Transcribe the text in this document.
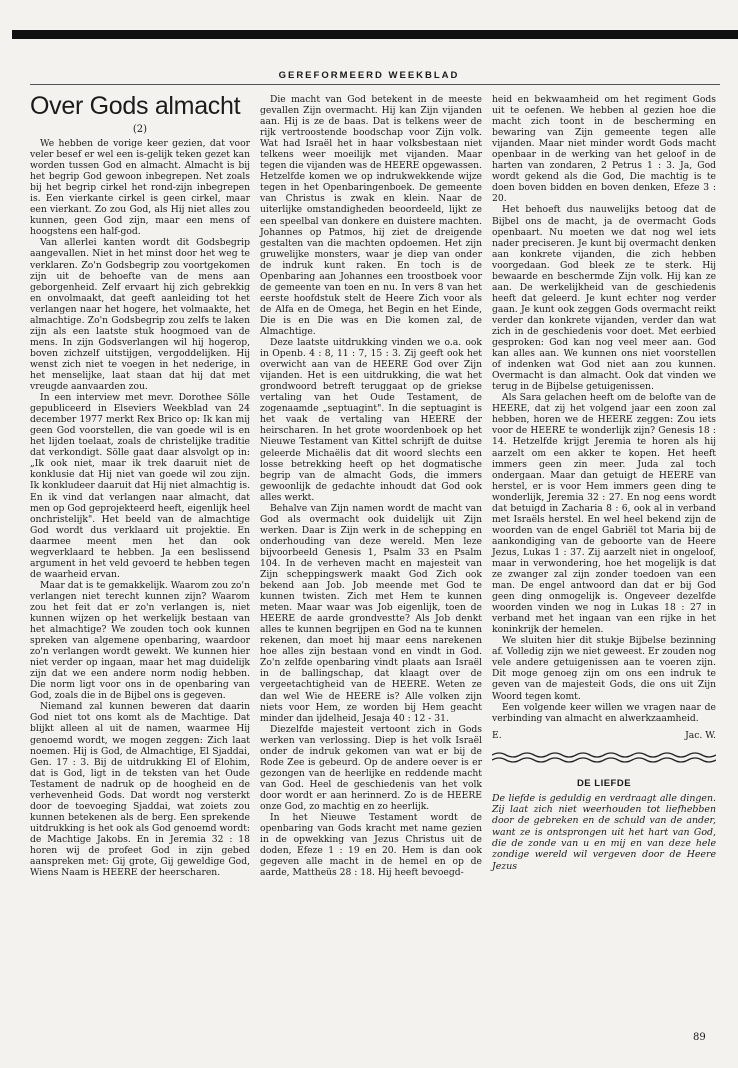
GEREFORMEERD WEEKBLAD
Over Gods almacht
(2)

We hebben de vorige keer gezien, dat voor veler besef er wel een is-gelijk teken gezet kan worden tussen God en almacht. Almacht is bij het begrip God gewoon inbegrepen. Net zoals bij het begrip cirkel het rond-zijn inbegrepen is. Een vierkante cirkel is geen cirkel, maar een vierkant. Zo zou God, als Hij niet alles zou kunnen, geen God zijn, maar een mens of hoogstens een half-god.

Van allerlei kanten wordt dit Godsbegrip aangevallen. Niet in het minst door het weg te verklaren. Zo'n Godsbegrip zou voortgekomen zijn uit de behoefte van de mens aan geborgenheid. Zelf ervaart hij zich gebrekkig en onvolmaakt, dat geeft aanleiding tot het verlangen naar het hogere, het volmaakte, het almachtige. Zo'n Godsbegrip zou zelfs te laken zijn als een laatste stuk hoogmoed van de mens. In zijn Godsverlangen wil hij hogerop, boven zichzelf uitstijgen, vergoddelijken. Hij wenst zich niet te voegen in het nederige, in het menselijke, laat staan dat hij dat met vreugde aanvaarden zou.

In een interview met mevr. Dorothee Sölle gepubliceerd in Elseviers Weekblad van 24 december 1977 merkt Rex Brico op: Ik kan mij geen God voorstellen, die van goede wil is en het lijden toelaat, zoals de christelijke traditie dat verkondigt. Sölle gaat daar alsvolgt op in: „Ik ook niet, maar ik trek daaruit niet de konklusie dat Hij niet van goede wil zou zijn. Ik konkludeer daaruit dat Hij niet almachtig is. En ik vind dat verlangen naar almacht, dat men op God geprojekteerd heeft, eigenlijk heel onchristelijk". Het beeld van de almachtige God wordt dus verklaard uit projektie. En daarmee meent men het dan ook wegverklaard te hebben. Ja een beslissend argument in het veld gevoerd te hebben tegen de waarheid ervan.

Maar dat is te gemakkelijk. Waarom zou zo'n verlangen niet terecht kunnen zijn? Waarom zou het feit dat er zo'n verlangen is, niet kunnen wijzen op het werkelijk bestaan van het almachtige? We zouden toch ook kunnen spreken van algemene openbaring, waardoor zo'n verlangen wordt gewekt. We kunnen hier niet verder op ingaan, maar het mag duidelijk zijn dat we een andere norm nodig hebben. Die norm ligt voor ons in de openbaring van God, zoals die in de Bijbel ons is gegeven.

Niemand zal kunnen beweren dat daarin God niet tot ons komt als de Machtige. Dat blijkt alleen al uit de namen, waarmee Hij genoemd wordt, we mogen zeggen: Zich laat noemen. Hij is God, de Almachtige, El Sjaddai, Gen. 17 : 3. Bij de uitdrukking El of Elohim, dat is God, ligt in de teksten van het Oude Testament de nadruk op de hoogheid en de verhevenheid Gods. Dat wordt nog versterkt door de toevoeging Sjaddai, wat zoiets zou kunnen betekenen als de berg. Een sprekende uitdrukking is het ook als God genoemd wordt: de Machtige Jakobs. En in Jeremia 32 : 18 horen wij de profeet God in zijn gebed aanspreken met: Gij grote, Gij geweldige God, Wiens Naam is HEERE der heerscharen.

Die macht van God betekent in de meeste gevallen Zijn overmacht. Hij kan Zijn vijanden aan. Hij is ze de baas. Dat is telkens weer de rijk vertroostende boodschap voor Zijn volk. Wat had Israël het in haar volksbestaan niet telkens weer moeilijk met vijanden. Maar tegen die vijanden was de HEERE opgewassen. Hetzelfde komen we op indrukwekkende wijze tegen in het Openbaringenboek. De gemeente van Christus is zwak en klein. Naar de uiterlijke omstandigheden beoordeeld, lijkt ze een speelbal van donkere en duistere machten. Johannes op Patmos, hij ziet de dreigende gestalten van die machten opdoemen. Het zijn gruwelijke monsters, waar je diep van onder de indruk kunt raken. En toch is de Openbaring aan Johannes een troostboek voor de gemeente van toen en nu. In vers 8 van het eerste hoofdstuk stelt de Heere Zich voor als de Alfa en de Omega, het Begin en het Einde, Die is en Die was en Die komen zal, de Almachtige.

Deze laatste uitdrukking vinden we o.a. ook in Openb. 4 : 8, 11 : 7, 15 : 3. Zij geeft ook het overwicht aan van de HEERE God over Zijn vijanden. Het is een uitdrukking, die wat het grondwoord betreft teruggaat op de griekse vertaling van het Oude Testament, de zogenaamde „septuagint". In die septuagint is het vaak de vertaling van HEERE der heirscharen. In het grote woordenboek op het Nieuwe Testament van Kittel schrijft de duitse geleerde Michaëlis dat dit woord slechts een losse betrekking heeft op het dogmatische begrip van de almacht Gods, die immers gewoonlijk de gedachte inhoudt dat God ook alles werkt.

Behalve van Zijn namen wordt de macht van God als overmacht ook duidelijk uit Zijn werken. Daar is Zijn werk in de schepping en onderhouding van deze wereld. Men leze bijvoorbeeld Genesis 1, Psalm 33 en Psalm 104. In de verheven macht en majesteit van Zijn scheppingswerk maakt God Zich ook bekend aan Job. Job meende met God te kunnen twisten. Zich met Hem te kunnen meten. Maar waar was Job eigenlijk, toen de HEERE de aarde grondvestte? Als Job denkt alles te kunnen begrijpen en God na te kunnen rekenen, dan moet hij maar eens narekenen hoe alles zijn bestaan vond en vindt in God. Zo'n zelfde openbaring vindt plaats aan Israël in de ballingschap, dat klaagt over de vergeetachtigheid van de HEERE. Weten ze dan wel Wie de HEERE is? Alle volken zijn niets voor Hem, ze worden bij Hem geacht minder dan ijdelheid, Jesaja 40 : 12 - 31.

Diezelfde majesteit vertoont zich in Gods werken van verlossing. Diep is het volk Israël onder de indruk gekomen van wat er bij de Rode Zee is gebeurd. Op de andere oever is er gezongen van de heerlijke en reddende macht van God. Heel de geschiedenis van het volk door wordt er aan herinnerd. Zo is de HEERE onze God, zo machtig en zo heerlijk.

In het Nieuwe Testament wordt de openbaring van Gods kracht met name gezien in de opwekking van Jezus Christus uit de doden, Efeze 1 : 19 en 20. Hem is dan ook gegeven alle macht in de hemel en op de aarde, Mattheüs 28 : 18. Hij heeft bevoegd-

heid en bekwaamheid om het regiment Gods uit te oefenen. We hebben al gezien hoe die macht zich toont in de bescherming en bewaring van Zijn gemeente tegen alle vijanden. Maar niet minder wordt Gods macht openbaar in de werking van het geloof in de harten van zondaren, 2 Petrus 1 : 3. Ja, God wordt gekend als die God, Die machtig is te doen boven bidden en boven denken, Efeze 3 : 20.

Het behoeft dus nauwelijks betoog dat de Bijbel ons de macht, ja de overmacht Gods openbaart. Nu moeten we dat nog wel iets nader preciseren. Je kunt bij overmacht denken aan konkrete vijanden, die zich hebben voorgedaan. God bleek ze te sterk. Hij bewaarde en beschermde Zijn volk. Hij kan ze aan. De werkelijkheid van de geschiedenis heeft dat geleerd. Je kunt echter nog verder gaan. Je kunt ook zeggen Gods overmacht reikt verder dan konkrete vijanden, verder dan wat zich in de geschiedenis voor doet. Met eerbied gesproken: God kan nog veel meer aan. God kan alles aan. We kunnen ons niet voorstellen of indenken wat God niet aan zou kunnen. Overmacht is dan almacht. Ook dat vinden we terug in de Bijbelse getuigenissen.

Als Sara gelachen heeft om de belofte van de HEERE, dat zij het volgend jaar een zoon zal hebben, horen we de HEERE zeggen: Zou iets voor de HEERE te wonderlijk zijn? Genesis 18 : 14. Hetzelfde krijgt Jeremia te horen als hij aarzelt om een akker te kopen. Het heeft immers geen zin meer. Juda zal toch ondergaan. Maar dan getuigt de HEERE van herstel, er is voor Hem immers geen ding te wonderlijk, Jeremia 32 : 27. En nog eens wordt dat betuigd in Zacharia 8 : 6, ook al in verband met Israëls herstel. En wel heel bekend zijn de woorden van de engel Gabriël tot Maria bij de aankondiging van de geboorte van de Heere Jezus, Lukas 1 : 37. Zij aarzelt niet in ongeloof, maar in verwondering, hoe het mogelijk is dat ze zwanger zal zijn zonder toedoen van een man. De engel antwoord dan dat er bij God geen ding onmogelijk is. Ongeveer dezelfde woorden vinden we nog in Lukas 18 : 27 in verband met het ingaan van een rijke in het koninkrijk der hemelen.

We sluiten hier dit stukje Bijbelse bezinning af. Volledig zijn we niet geweest. Er zouden nog vele andere getuigenissen aan te voeren zijn. Dit moge genoeg zijn om ons een indruk te geven van de majesteit Gods, die ons uit Zijn Woord tegen komt.

Een volgende keer willen we vragen naar de verbinding van almacht en alwerkzaamheid.

E.	Jac. W.
DE LIEFDE
De liefde is geduldig en verdraagt alle dingen. Zij laat zich niet weerhouden tot liefhebben door de gebreken en de schuld van de ander, want ze is ontsprongen uit het hart van God, die de zonde van u en mij en van deze hele zondige wereld wil vergeven door de Heere Jezus
89
